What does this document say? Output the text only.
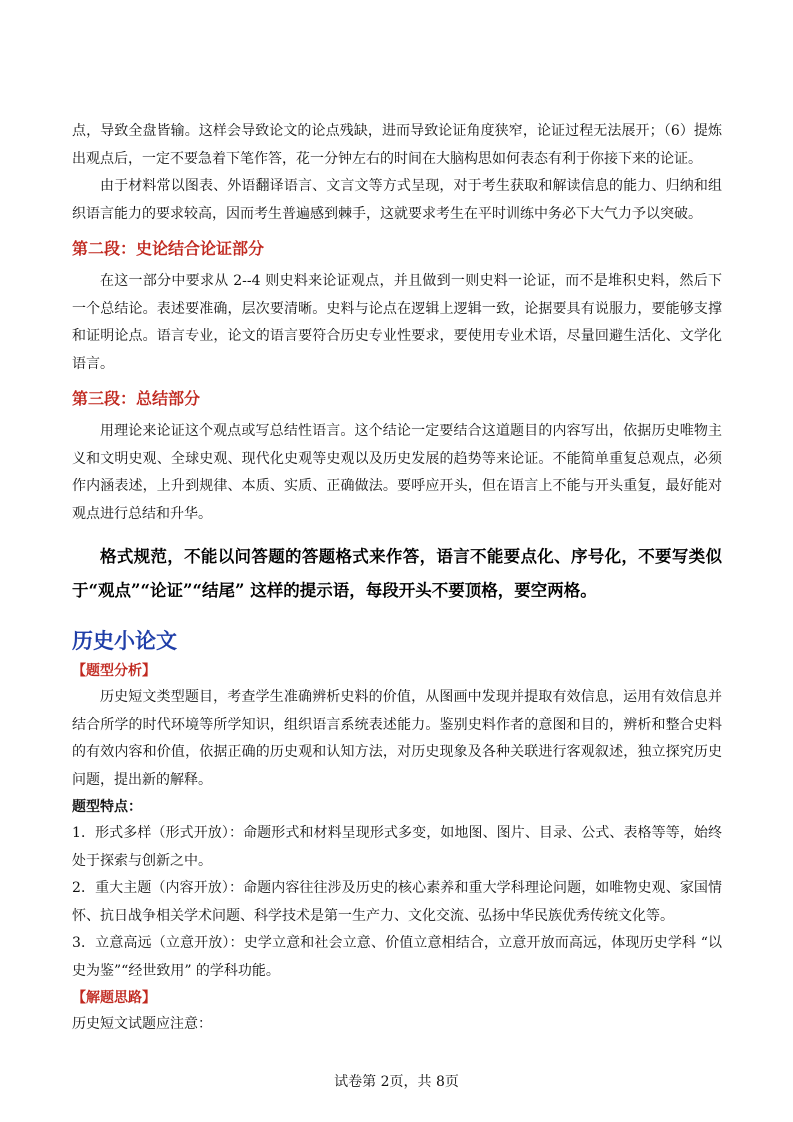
点，导致全盘皆输。这样会导致论文的论点残缺，进而导致论证角度狭窄，论证过程无法展开；（6）提炼出观点后，一定不要急着下笔作答，花一分钟左右的时间在大脑构思如何表态有利于你接下来的论证。

由于材料常以图表、外语翻译语言、文言文等方式呈现，对于考生获取和解读信息的能力、归纳和组织语言能力的要求较高，因而考生普遍感到棘手，这就要求考生在平时训练中务必下大气力予以突破。

第二段：史论结合论证部分

在这一部分中要求从 2--4 则史料来论证观点，并且做到一则史料一论证，而不是堆积史料，然后下一个总结论。表述要准确，层次要清晰。史料与论点在逻辑上逻辑一致，论据要具有说服力，要能够支撑和证明论点。语言专业，论文的语言要符合历史专业性要求，要使用专业术语，尽量回避生活化、文学化语言。

第三段：总结部分

用理论来论证这个观点或写总结性语言。这个结论一定要结合这道题目的内容写出，依据历史唯物主义和文明史观、全球史观、现代化史观等史观以及历史发展的趋势等来论证。不能简单重复总观点，必须作内涵表述，上升到规律、本质、实质、正确做法。要呼应开头，但在语言上不能与开头重复，最好能对观点进行总结和升华。

格式规范，不能以问答题的答题格式来作答，语言不能要点化、序号化，不要写类似于“观点”“论证”“结尾” 这样的提示语，每段开头不要顶格，要空两格。

历史小论文
【题型分析】

历史短文类型题目，考查学生准确辨析史料的价值，从图画中发现并提取有效信息，运用有效信息并结合所学的时代环境等所学知识，组织语言系统表述能力。鉴别史料作者的意图和目的，辨析和整合史料的有效内容和价值，依据正确的历史观和认知方法，对历史现象及各种关联进行客观叙述，独立探究历史问题，提出新的解释。

题型特点：

1．形式多样（形式开放）：命题形式和材料呈现形式多变，如地图、图片、目录、公式、表格等等，始终处于探索与创新之中。

2．重大主题（内容开放）：命题内容往往涉及历史的核心素养和重大学科理论问题，如唯物史观、家国情怀、抗日战争相关学术问题、科学技术是第一生产力、文化交流、弘扬中华民族优秀传统文化等。

3．立意高远（立意开放）：史学立意和社会立意、价值立意相结合，立意开放而高远，体现历史学科 “以史为鉴”“经世致用” 的学科功能。

【解题思路】

历史短文试题应注意：

试卷第 2页，共 8页
